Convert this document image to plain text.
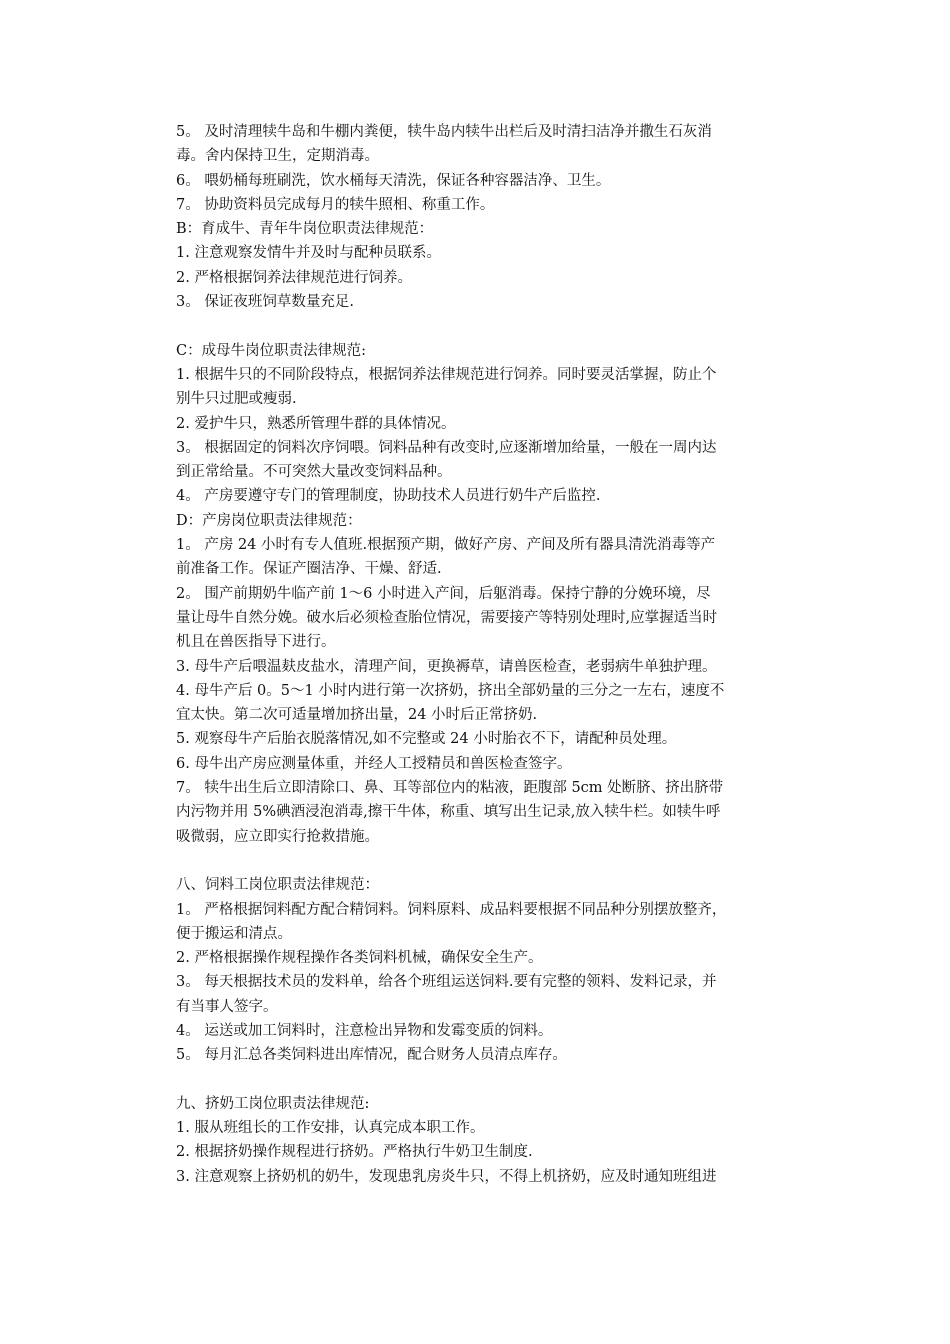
5。 及时清理犊牛岛和牛棚内粪便，犊牛岛内犊牛出栏后及时清扫洁净并撒生石灰消
毒。舍内保持卫生，定期消毒。
6。 喂奶桶每班刷洗，饮水桶每天清洗，保证各种容器洁净、卫生。
7。 协助资料员完成每月的犊牛照相、称重工作。
B：育成牛、青年牛岗位职责法律规范：
1. 注意观察发情牛并及时与配种员联系。
2. 严格根据饲养法律规范进行饲养。
3。 保证夜班饲草数量充足.
C：成母牛岗位职责法律规范:
1. 根据牛只的不同阶段特点，根据饲养法律规范进行饲养。同时要灵活掌握，防止个
别牛只过肥或瘦弱.
2. 爱护牛只，熟悉所管理牛群的具体情况。
3。 根据固定的饲料次序饲喂。饲料品种有改变时,应逐渐增加给量，一般在一周内达
到正常给量。不可突然大量改变饲料品种。
4。 产房要遵守专门的管理制度，协助技术人员进行奶牛产后监控.
D：产房岗位职责法律规范：
1。 产房 24 小时有专人值班.根据预产期，做好产房、产间及所有器具清洗消毒等产
前准备工作。保证产圈洁净、干燥、舒适.
2。 围产前期奶牛临产前 1～6 小时进入产间，后躯消毒。保持宁静的分娩环境，尽
量让母牛自然分娩。破水后必须检查胎位情况，需要接产等特别处理时,应掌握适当时
机且在兽医指导下进行。
3. 母牛产后喂温麸皮盐水，清理产间，更换褥草，请兽医检查，老弱病牛单独护理。
4. 母牛产后 0。5～1 小时内进行第一次挤奶，挤出全部奶量的三分之一左右，速度不
宜太快。第二次可适量增加挤出量，24 小时后正常挤奶.
5. 观察母牛产后胎衣脱落情况,如不完整或 24 小时胎衣不下，请配种员处理。
6. 母牛出产房应测量体重，并经人工授精员和兽医检查签字。
7。 犊牛出生后立即清除口、鼻、耳等部位内的粘液，距腹部 5cm 处断脐、挤出脐带
内污物并用 5%碘酒浸泡消毒,擦干牛体，称重、填写出生记录,放入犊牛栏。如犊牛呼
吸微弱，应立即实行抢救措施。
八、饲料工岗位职责法律规范：
1。 严格根据饲料配方配合精饲料。饲料原料、成品料要根据不同品种分别摆放整齐，
便于搬运和清点。
2. 严格根据操作规程操作各类饲料机械，确保安全生产。
3。 每天根据技术员的发料单，给各个班组运送饲料.要有完整的领料、发料记录，并
有当事人签字。
4。 运送或加工饲料时，注意检出异物和发霉变质的饲料。
5。 每月汇总各类饲料进出库情况，配合财务人员清点库存。
九、挤奶工岗位职责法律规范:
1. 服从班组长的工作安排，认真完成本职工作。
2. 根据挤奶操作规程进行挤奶。严格执行牛奶卫生制度.
3. 注意观察上挤奶机的奶牛，发现患乳房炎牛只，不得上机挤奶，应及时通知班组进
